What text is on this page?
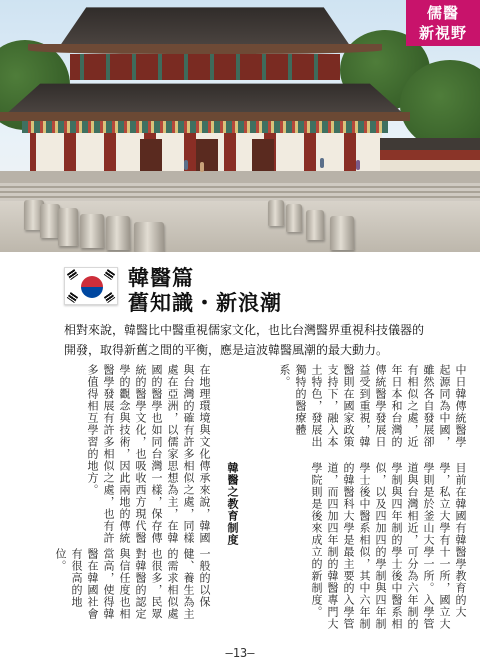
儒醫
新視野
韓醫篇
舊知識・新浪潮

相對來說，韓醫比中醫重視儒家文化，也比台灣醫界重視科技儀器的開發，取得新舊之間的平衡，應是這波韓醫風潮的最大動力。

中日韓傳統醫學起源同為中國，雖然各自發展卻有相似之處，近年日本和台灣的傳統醫學發展日益受到重視，韓醫則在國家政策支持下，融入本土特色，發展出獨特的醫療體系。
目前在韓國有韓醫學教育的大學，私立大學有十一所，國立大學則是於釜山大學一所。入學管道與台灣相近，可分為六年制的學制與四年制的學士後中醫系相似，以及四加四的學制與四年制學士後中醫系相似，其中六年制的韓醫科大學是最主要的入學管道，而四加四年制的韓醫專門大學院則是後來成立的新制度。
韓醫之教育制度
在地理環境與文化傳承來說，韓國與台灣的確有許多相似之處，同樣處在亞洲，以儒家思想為主，在韓國的醫學也如同台灣一樣，保存傳統的醫學文化，也吸收西方現代醫學的觀念與技術，因此兩地的傳統醫學發展有許多相似之處，也有許多值得相互學習的地方。
一般的以保健、養生為主的需求相似處也很多，民眾對韓醫的認定與信任度也相當高，使得韓醫在韓國社會有很高的地位。
—13—
